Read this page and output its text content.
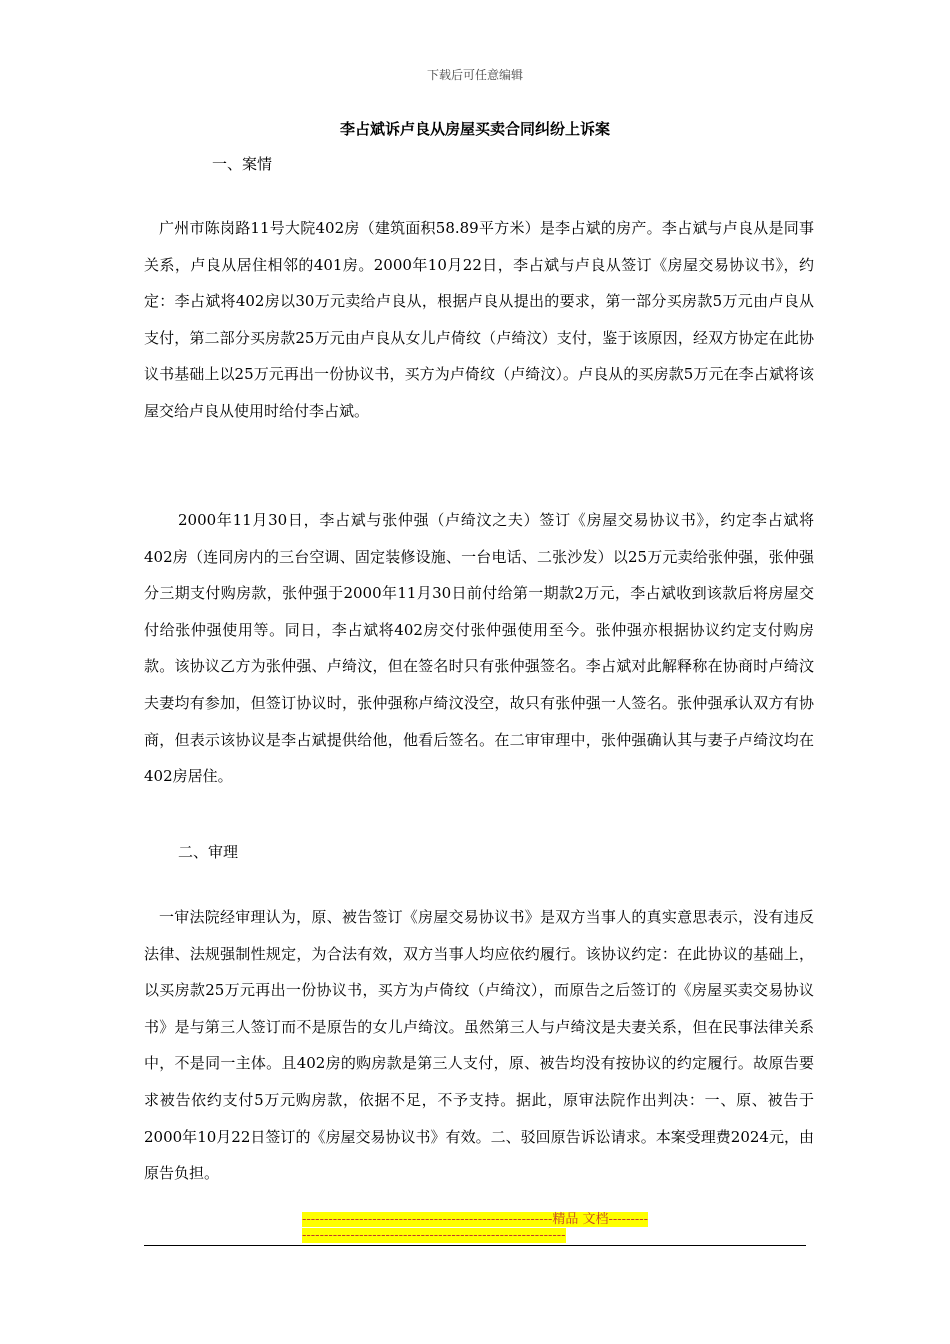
下载后可任意编辑
李占斌诉卢良从房屋买卖合同纠纷上诉案
一、案情

广州市陈岗路11号大院402房（建筑面积58.89平方米）是李占斌的房产。李占斌与卢良从是同事关系，卢良从居住相邻的401房。2000年10月22日，李占斌与卢良从签订《房屋交易协议书》，约定：李占斌将402房以30万元卖给卢良从，根据卢良从提出的要求，第一部分买房款5万元由卢良从支付，第二部分买房款25万元由卢良从女儿卢倚纹（卢绮汶）支付，鉴于该原因，经双方协定在此协议书基础上以25万元再出一份协议书，买方为卢倚纹（卢绮汶）。卢良从的买房款5万元在李占斌将该屋交给卢良从使用时给付李占斌。

2000年11月30日，李占斌与张仲强（卢绮汶之夫）签订《房屋交易协议书》，约定李占斌将402房（连同房内的三台空调、固定装修设施、一台电话、二张沙发）以25万元卖给张仲强，张仲强分三期支付购房款，张仲强于2000年11月30日前付给第一期款2万元，李占斌收到该款后将房屋交付给张仲强使用等。同日，李占斌将402房交付张仲强使用至今。张仲强亦根据协议约定支付购房款。该协议乙方为张仲强、卢绮汶，但在签名时只有张仲强签名。李占斌对此解释称在协商时卢绮汶夫妻均有参加，但签订协议时，张仲强称卢绮汶没空，故只有张仲强一人签名。张仲强承认双方有协商，但表示该协议是李占斌提供给他，他看后签名。在二审审理中，张仲强确认其与妻子卢绮汶均在402房居住。

二、审理

一审法院经审理认为，原、被告签订《房屋交易协议书》是双方当事人的真实意思表示，没有违反法律、法规强制性规定，为合法有效，双方当事人均应依约履行。该协议约定：在此协议的基础上，以买房款25万元再出一份协议书，买方为卢倚纹（卢绮汶），而原告之后签订的《房屋买卖交易协议书》是与第三人签订而不是原告的女儿卢绮汶。虽然第三人与卢绮汶是夫妻关系，但在民事法律关系中，不是同一主体。且402房的购房款是第三人支付，原、被告均没有按协议的约定履行。故原告要求被告依约支付5万元购房款，依据不足，不予支持。据此，原审法院作出判决：一、原、被告于2000年10月22日签订的《房屋交易协议书》有效。二、驳回原告诉讼请求。本案受理费2024元，由原告负担。

---------------------------------------------------------精品 文档---------------------------------------------------------------------
